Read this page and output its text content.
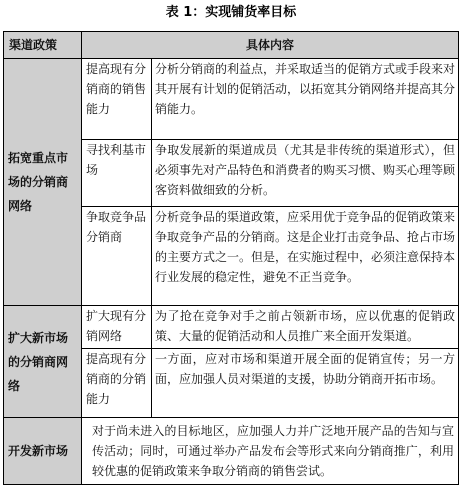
表 1：实现铺货率目标
渠道政策	具体内容	
拓宽重点市场的分销商网络	提高现有分销商的销售能力	分析分销商的利益点，并采取适当的促销方式或手段来对其开展有计划的促销活动，以拓宽其分销网络并提高其分销能力。
	寻找利基市场	争取发展新的渠道成员（尤其是非传统的渠道形式），但必须事先对产品特色和消费者的购买习惯、购买心理等顾客资料做细致的分析。
	争取竞争品分销商	分析竞争品的渠道政策，应采用优于竞争品的促销政策来争取竞争产品的分销商。这是企业打击竞争品、抢占市场的主要方式之一。但是，在实施过程中，必须注意保持本行业发展的稳定性，避免不正当竞争。
扩大新市场的分销商网络	扩大现有分销网络	为了抢在竞争对手之前占领新市场，应以优惠的促销政策、大量的促销活动和人员推广来全面开发渠道。
	提高现有分销商的分销能力	一方面，应对市场和渠道开展全面的促销宣传；另一方面，应加强人员对渠道的支援，协助分销商开拓市场。
开发新市场	对于尚未进入的目标地区，应加强人力并广泛地开展产品的告知与宣传活动；同时，可通过举办产品发布会等形式来向分销商推广，利用较优惠的促销政策来争取分销商的销售尝试。	
